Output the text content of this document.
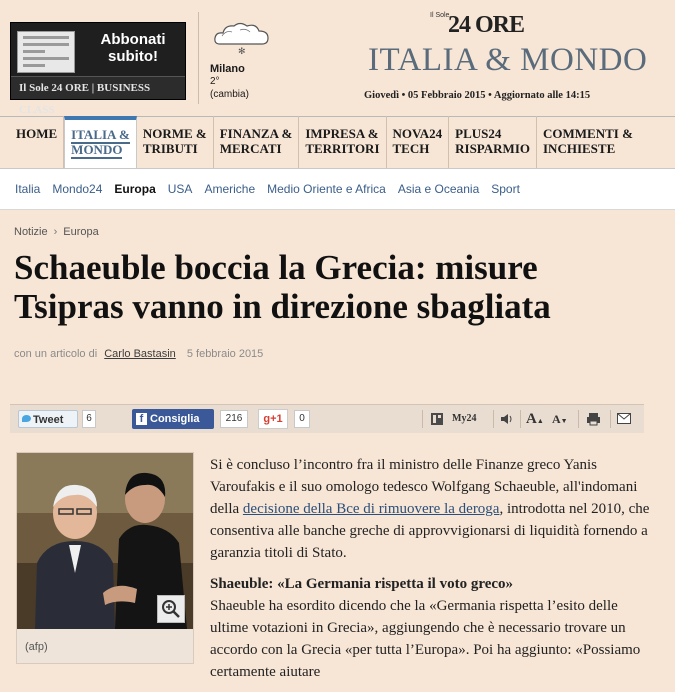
Abbonati subito!
Il Sole 24 ORE | BUSINESS CLASS
✻
Milano
2°
(cambia)
Il Sole
24 ORE
ITALIA & MONDO
Giovedì • 05 Febbraio 2015 • Aggiornato alle 14:15
HOME	ITALIA &
MONDO
NORME &
TRIBUTI
FINANZA &
MERCATI
IMPRESA &
TERRITORI
NOVA24
TECH
PLUS24
RISPARMIO
COMMENTI &
INCHIESTE
Italia Mondo24 Europa USA Americhe Medio Oriente e Africa Asia e Oceania Sport
Notizie › Europa
Schaeuble boccia la Grecia: misure Tsipras vanno in direzione sbagliata
con un articolo di Carlo Bastasin 5 febbraio 2015
Tweet	6	f Consiglia	216	g+1	0	My24	A▲ A▼
(afp)

Si è concluso l’incontro fra il ministro delle Finanze greco Yanis Varoufakis e il suo omologo tedesco Wolfgang Schaeuble, all'indomani della decisione della Bce di rimuovere la deroga, introdotta nel 2010, che consentiva alle banche greche di approvvigionarsi di liquidità fornendo a garanzia titoli di Stato.

Shaeuble: «La Germania rispetta il voto greco»

Shaeuble ha esordito dicendo che la «Germania rispetta l’esito delle ultime votazioni in Grecia», aggiungendo che è necessario trovare un accordo con la Grecia «per tutta l’Europa». Poi ha aggiunto: «Possiamo certamente aiutare
